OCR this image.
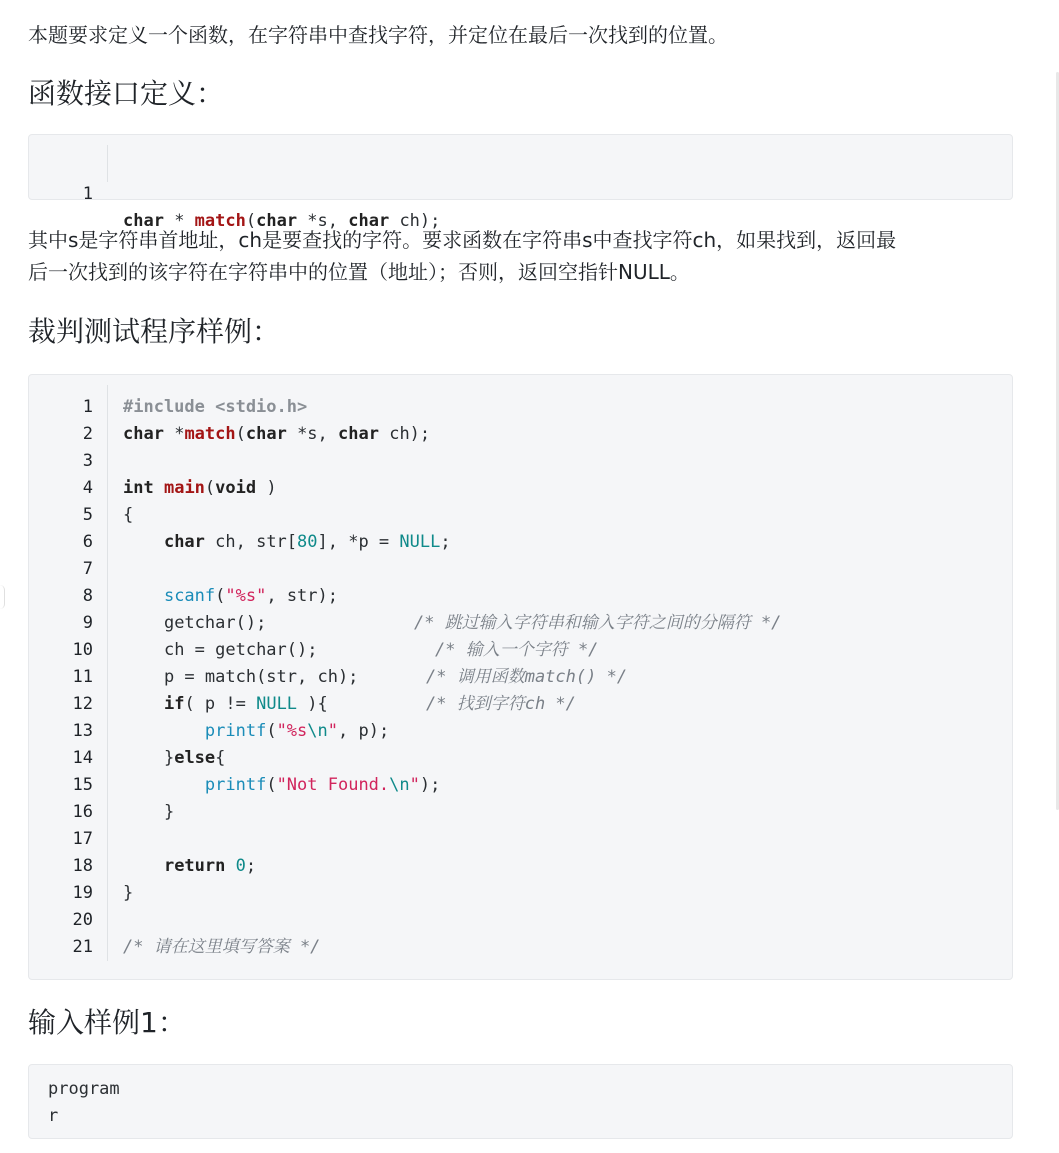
本题要求定义一个函数，在字符串中查找字符，并定位在最后一次找到的位置。

函数接口定义：

1

char * match(char *s, char ch);

其中s是字符串首地址，ch是要查找的字符。要求函数在字符串s中查找字符ch，如果找到，返回最

后一次找到的该字符在字符串中的位置（地址）；否则，返回空指针NULL。

裁判测试程序样例：
1 #include <stdio.h>
2 char *match(char *s, char ch);
3
4 int main(void )
5 {
6	char ch, str[80], *p = NULL;
7
8	scanf("%s", str);
9	getchar();	/* 跳过输入字符串和输入字符之间的分隔符 */
10	ch = getchar();	/* 输入一个字符 */
11	p = match(str, ch);	/* 调用函数match() */
12	if( p != NULL ){	/* 找到字符ch */
13	printf("%s\n", p);
14	}else{
15	printf("Not Found.\n");
16	}
17
18	return 0;
19 }
20
21 /* 请在这里填写答案 */
输入样例1：
program
r
